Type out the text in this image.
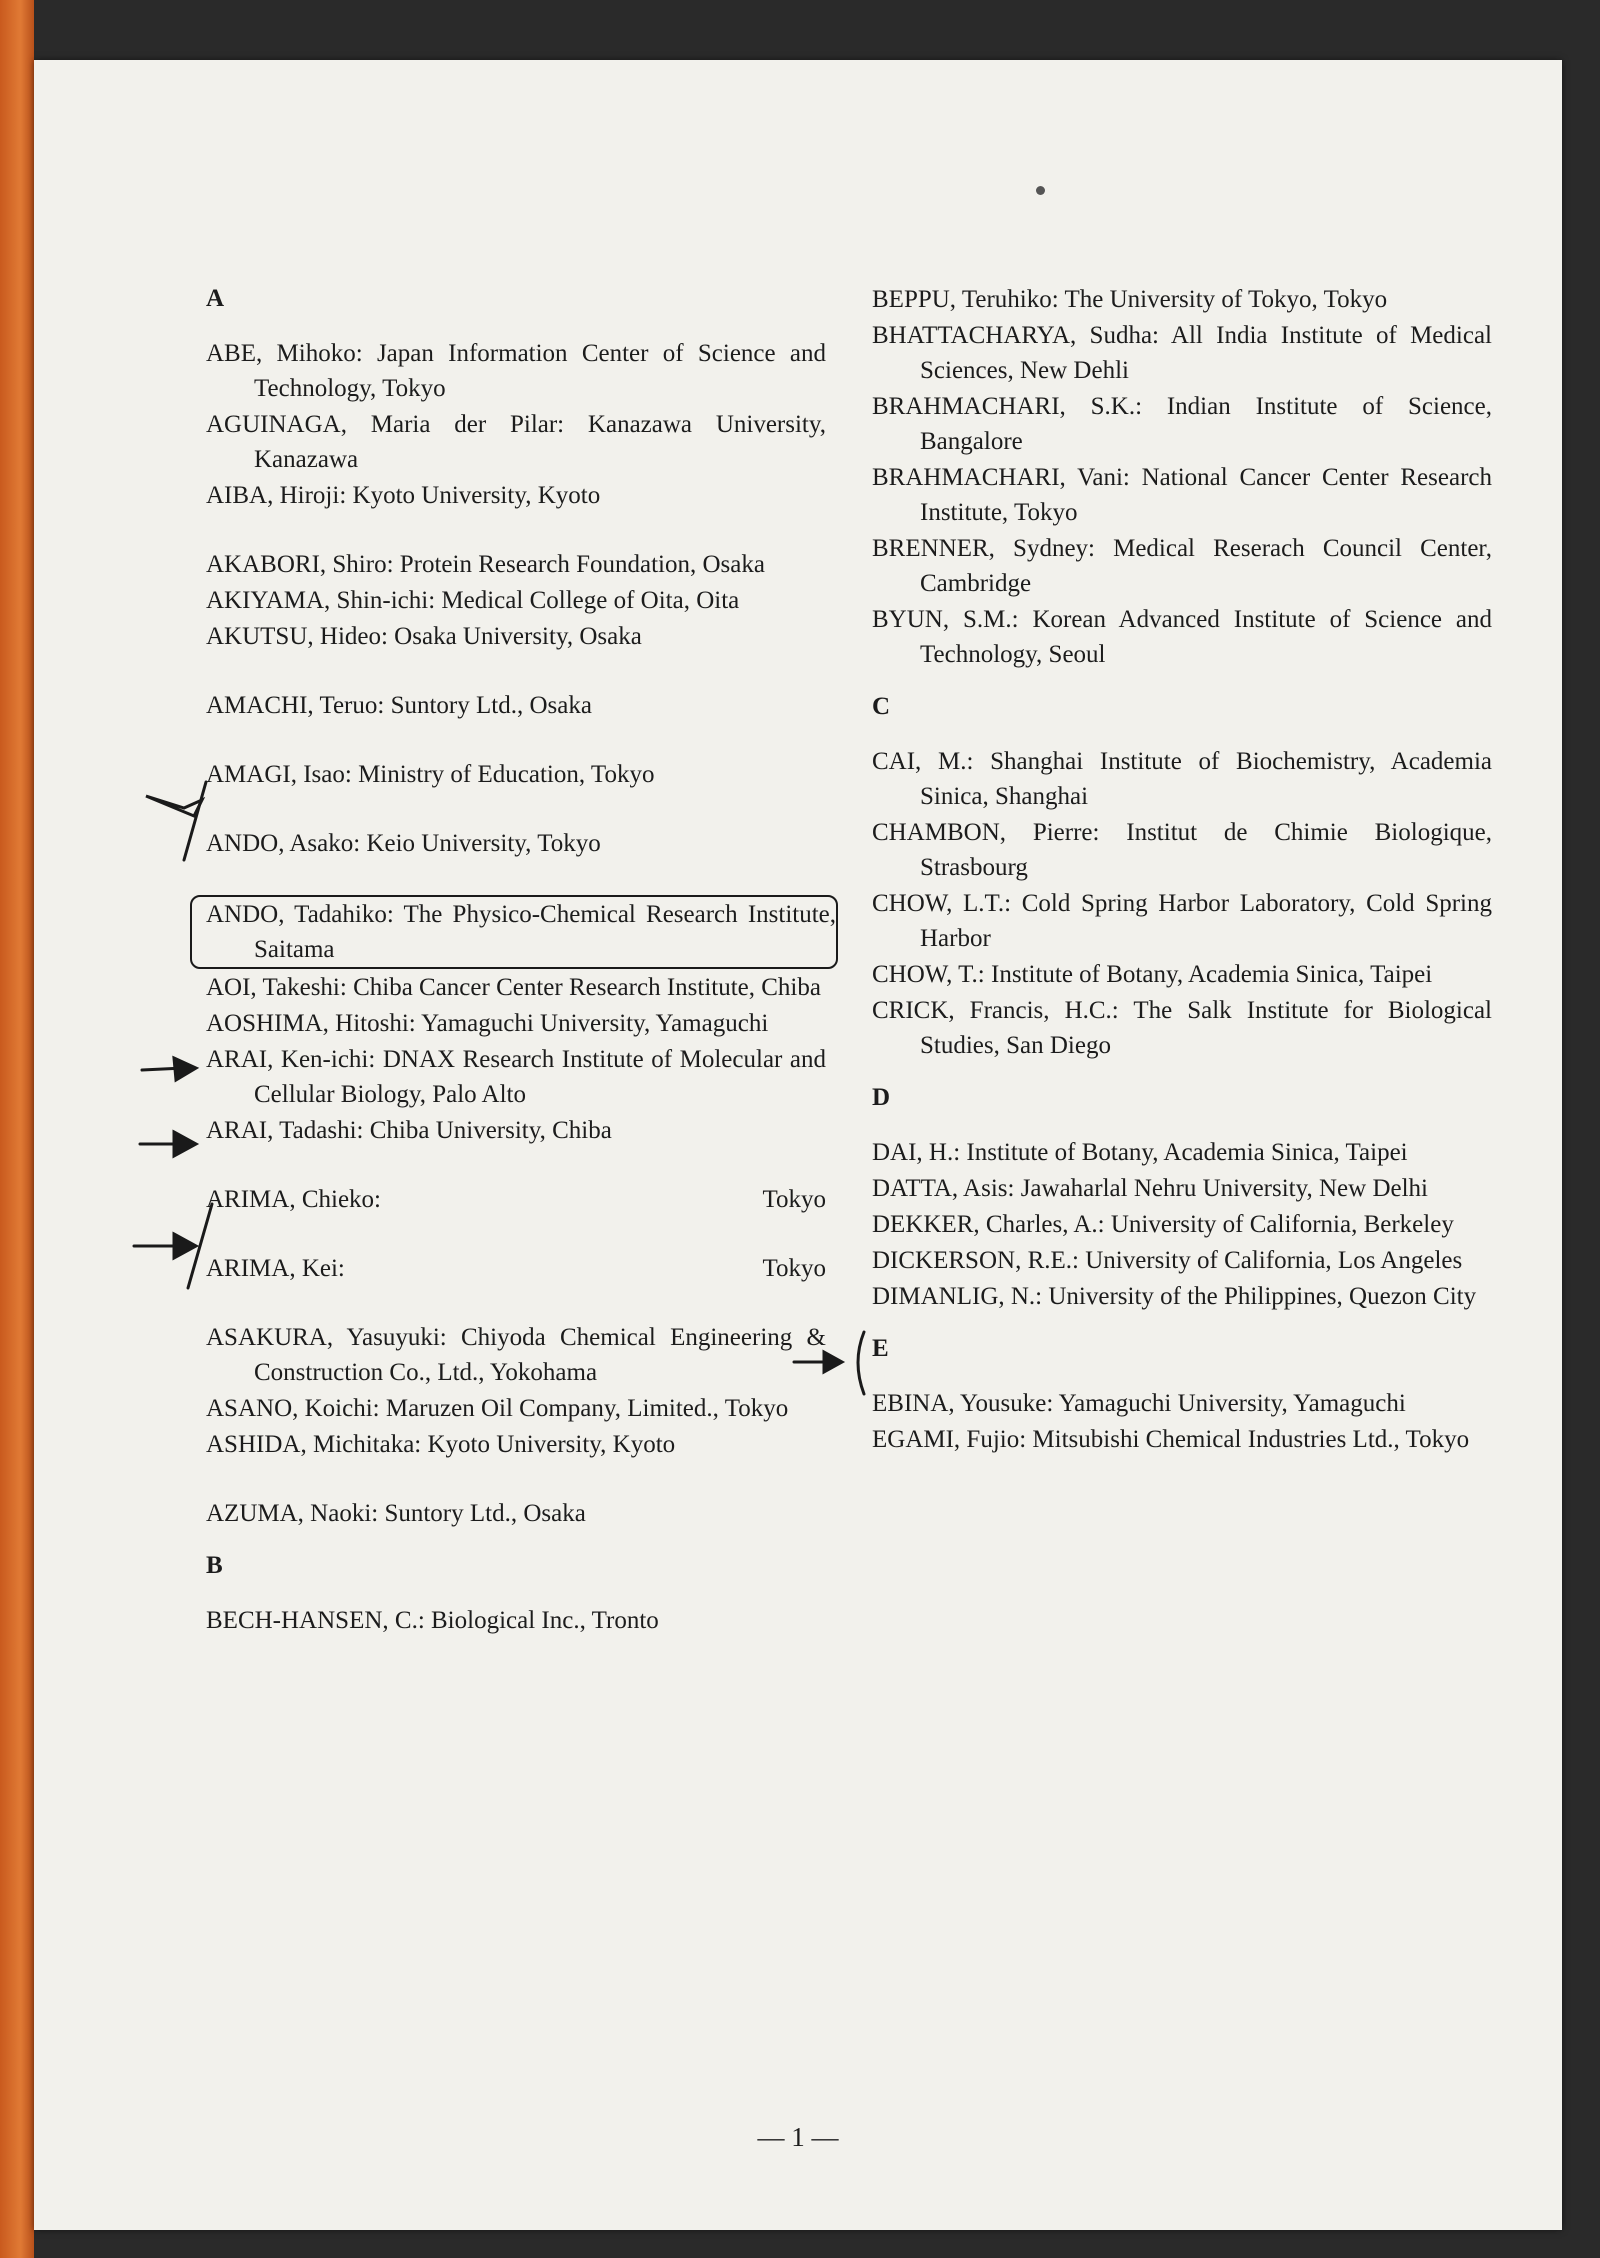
A
ABE, Mihoko: Japan Information Center of Science and Technology, Tokyo
AGUINAGA, Maria der Pilar: Kanazawa University, Kanazawa
AIBA, Hiroji: Kyoto University, Kyoto
AKABORI, Shiro: Protein Research Foundation, Osaka
AKIYAMA, Shin-ichi: Medical College of Oita, Oita
AKUTSU, Hideo: Osaka University, Osaka
AMACHI, Teruo: Suntory Ltd., Osaka
AMAGI, Isao: Ministry of Education, Tokyo
ANDO, Asako: Keio University, Tokyo
ANDO, Tadahiko: The Physico-Chemical Research Institute, Saitama
AOI, Takeshi: Chiba Cancer Center Research Institute, Chiba
AOSHIMA, Hitoshi: Yamaguchi University, Yamaguchi
ARAI, Ken-ichi: DNAX Research Institute of Molecular and Cellular Biology, Palo Alto
ARAI, Tadashi: Chiba University, Chiba
Tokyo
ARIMA, Chieko:
Tokyo
ARIMA, Kei:
ASAKURA, Yasuyuki: Chiyoda Chemical Engineering & Construction Co., Ltd., Yokohama
ASANO, Koichi: Maruzen Oil Company, Limited., Tokyo
ASHIDA, Michitaka: Kyoto University, Kyoto
AZUMA, Naoki: Suntory Ltd., Osaka
B
BECH-HANSEN, C.: Biological Inc., Tronto
BEPPU, Teruhiko: The University of Tokyo, Tokyo
BHATTACHARYA, Sudha: All India Institute of Medical Sciences, New Dehli
BRAHMACHARI, S.K.: Indian Institute of Science, Bangalore
BRAHMACHARI, Vani: National Cancer Center Research Institute, Tokyo
BRENNER, Sydney: Medical Reserach Council Center, Cambridge
BYUN, S.M.: Korean Advanced Institute of Science and Technology, Seoul
C
CAI, M.: Shanghai Institute of Biochemistry, Academia Sinica, Shanghai
CHAMBON, Pierre: Institut de Chimie Biologique, Strasbourg
CHOW, L.T.: Cold Spring Harbor Laboratory, Cold Spring Harbor
CHOW, T.: Institute of Botany, Academia Sinica, Taipei
CRICK, Francis, H.C.: The Salk Institute for Biological Studies, San Diego
D
DAI, H.: Institute of Botany, Academia Sinica, Taipei
DATTA, Asis: Jawaharlal Nehru University, New Delhi
DEKKER, Charles, A.: University of California, Berkeley
DICKERSON, R.E.: University of California, Los Angeles
DIMANLIG, N.: University of the Philippines, Quezon City
E
EBINA, Yousuke: Yamaguchi University, Yamaguchi
EGAMI, Fujio: Mitsubishi Chemical Industries Ltd., Tokyo
— 1 —
